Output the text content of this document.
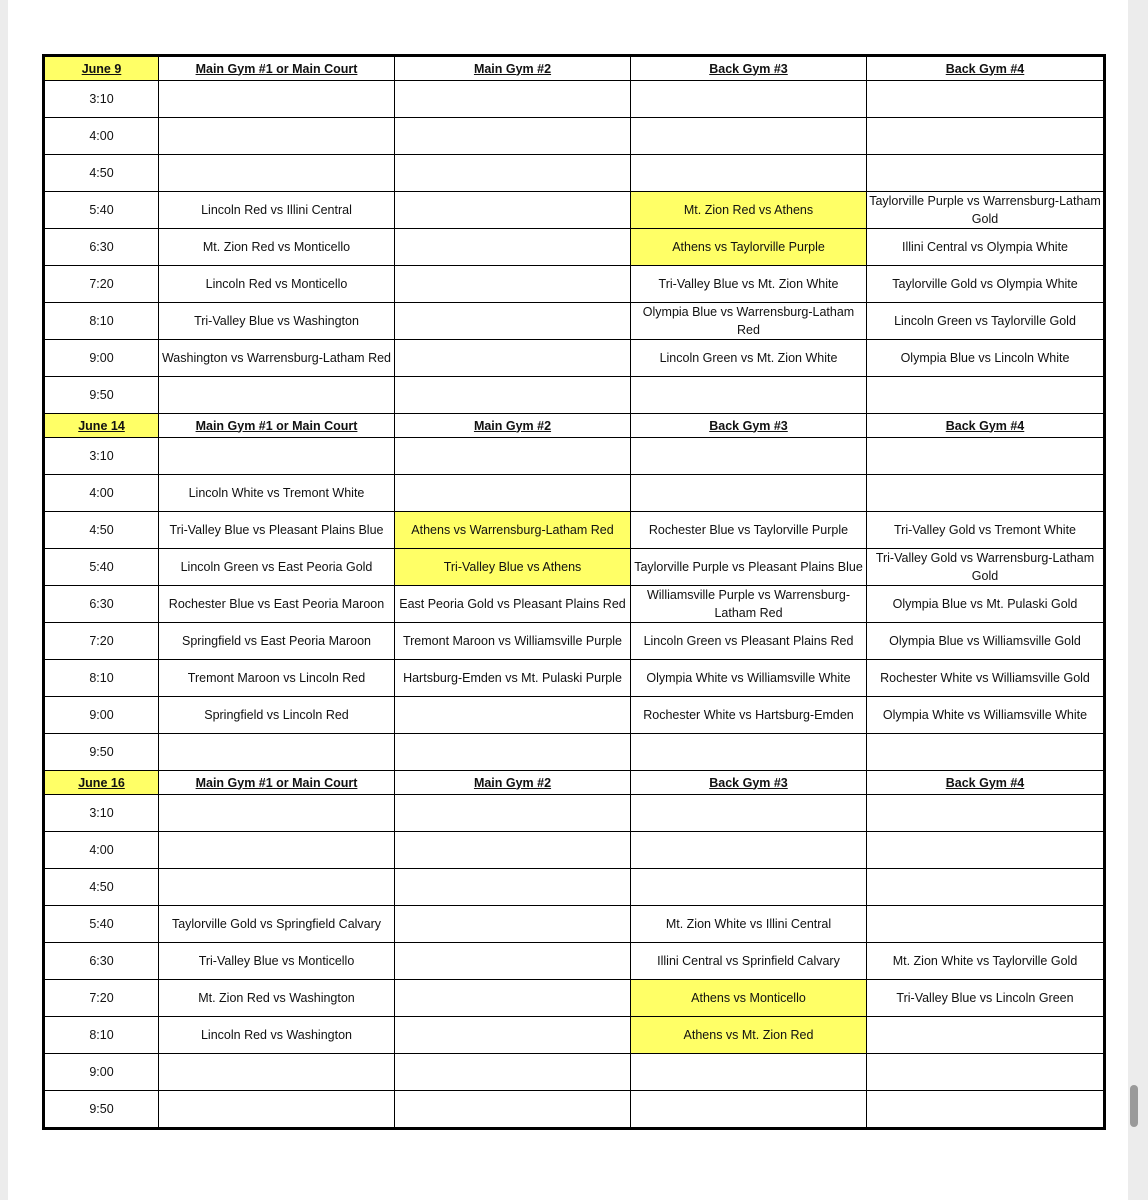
June 9	Main Gym #1 or Main Court	Main Gym #2	Back Gym #3	Back Gym #4
3:10				
4:00				
4:50				
5:40	Lincoln Red vs Illini Central		Mt. Zion Red vs Athens	Taylorville Purple vs Warrensburg-Latham Gold
6:30	Mt. Zion Red vs Monticello		Athens vs Taylorville Purple	Illini Central vs Olympia White
7:20	Lincoln Red vs Monticello		Tri-Valley Blue vs Mt. Zion White	Taylorville Gold vs Olympia White
8:10	Tri-Valley Blue vs Washington		Olympia Blue vs Warrensburg-Latham Red	Lincoln Green vs Taylorville Gold
9:00	Washington vs Warrensburg-Latham Red		Lincoln Green vs Mt. Zion White	Olympia Blue vs Lincoln White
9:50				
June 14	Main Gym #1 or Main Court	Main Gym #2	Back Gym #3	Back Gym #4
3:10				
4:00	Lincoln White vs Tremont White			
4:50	Tri-Valley Blue vs Pleasant Plains Blue	Athens vs Warrensburg-Latham Red	Rochester Blue vs Taylorville Purple	Tri-Valley Gold vs Tremont White
5:40	Lincoln Green vs East Peoria Gold	Tri-Valley Blue vs Athens	Taylorville Purple vs Pleasant Plains Blue	Tri-Valley Gold vs Warrensburg-Latham Gold
6:30	Rochester Blue vs East Peoria Maroon	East Peoria Gold vs Pleasant Plains Red	Williamsville Purple vs Warrensburg-Latham Red	Olympia Blue vs Mt. Pulaski Gold
7:20	Springfield vs East Peoria Maroon	Tremont Maroon vs Williamsville Purple	Lincoln Green vs Pleasant Plains Red	Olympia Blue vs Williamsville Gold
8:10	Tremont Maroon vs Lincoln Red	Hartsburg-Emden vs Mt. Pulaski Purple	Olympia White vs Williamsville White	Rochester White vs Williamsville Gold
9:00	Springfield vs Lincoln Red		Rochester White vs Hartsburg-Emden	Olympia White vs Williamsville White
9:50				
June 16	Main Gym #1 or Main Court	Main Gym #2	Back Gym #3	Back Gym #4
3:10				
4:00				
4:50				
5:40	Taylorville Gold vs Springfield Calvary		Mt. Zion White vs Illini Central	
6:30	Tri-Valley Blue vs Monticello		Illini Central vs Sprinfield Calvary	Mt. Zion White vs Taylorville Gold
7:20	Mt. Zion Red vs Washington		Athens vs Monticello	Tri-Valley Blue vs Lincoln Green
8:10	Lincoln Red vs Washington		Athens vs Mt. Zion Red	
9:00				
9:50				
